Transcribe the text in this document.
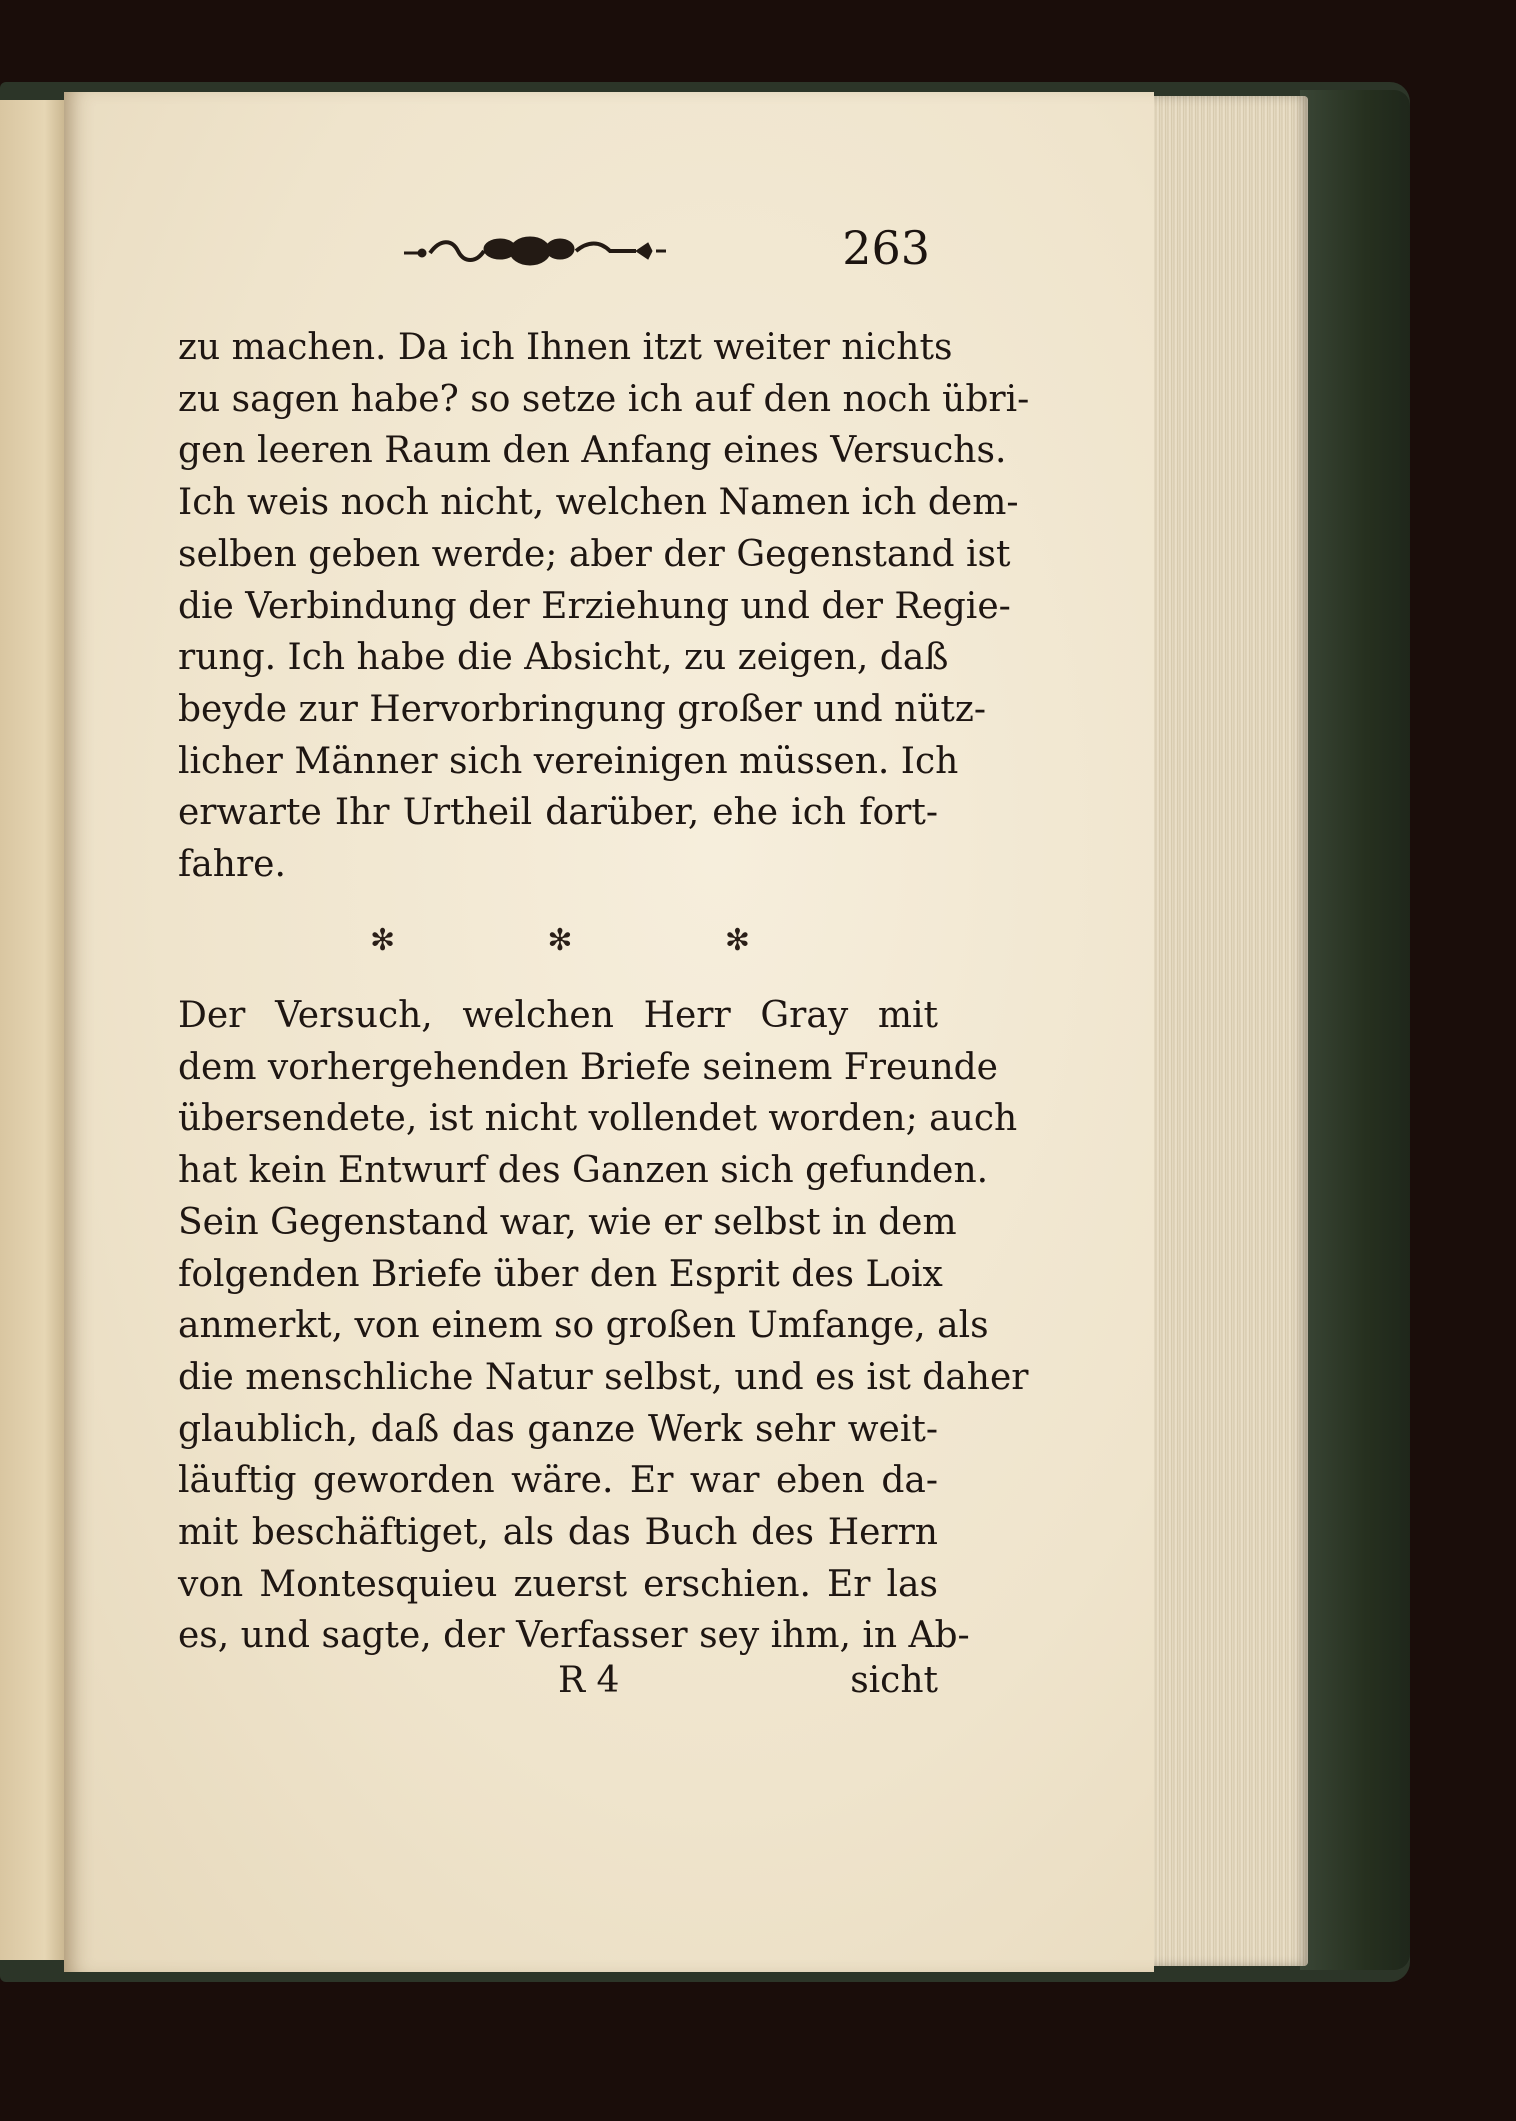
263
zu machen. Da ich Ihnen itzt weiter nichts
zu sagen habe? so setze ich auf den noch übri-
gen leeren Raum den Anfang eines Versuchs.
Ich weis noch nicht, welchen Namen ich dem-
selben geben werde; aber der Gegenstand ist
die Verbindung der Erziehung und der Regie-
rung. Ich habe die Absicht, zu zeigen, daß
beyde zur Hervorbringung großer und nütz-
licher Männer sich vereinigen müssen. Ich
erwarte Ihr Urtheil darüber, ehe ich fort-
fahre.
✻	✻	✻
Der Versuch, welchen Herr Gray mit
dem vorhergehenden Briefe seinem Freunde
übersendete, ist nicht vollendet worden; auch
hat kein Entwurf des Ganzen sich gefunden.
Sein Gegenstand war, wie er selbst in dem
folgenden Briefe über den Esprit des Loix
anmerkt, von einem so großen Umfange, als
die menschliche Natur selbst, und es ist daher
glaublich, daß das ganze Werk sehr weit-
läuftig geworden wäre. Er war eben da-
mit beschäftiget, als das Buch des Herrn
von Montesquieu zuerst erschien. Er las
es, und sagte, der Verfasser sey ihm, in Ab-
R 4	sicht
